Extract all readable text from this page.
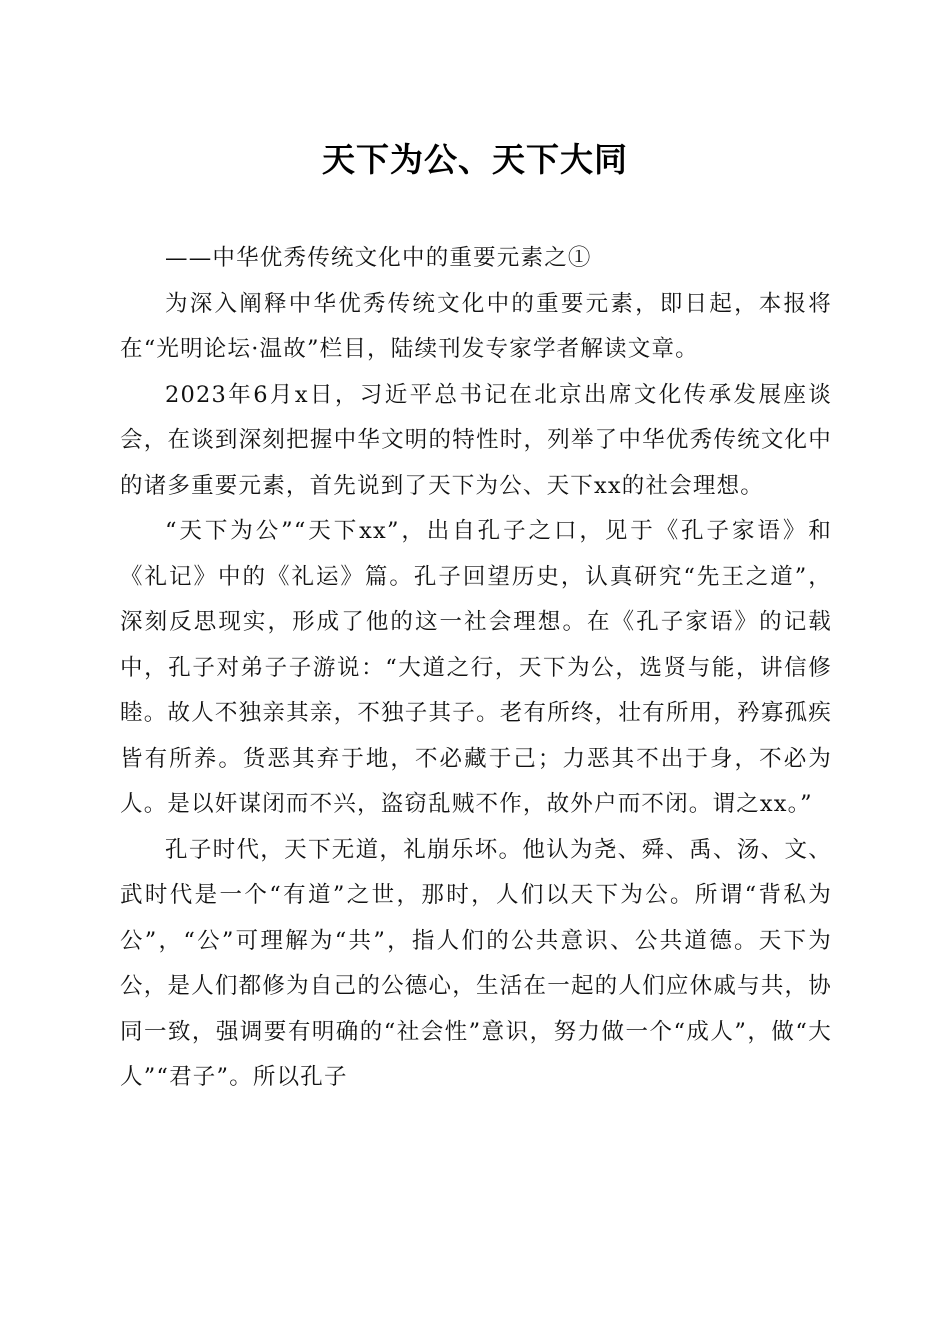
天下为公、天下大同

——中华优秀传统文化中的重要元素之①

为深入阐释中华优秀传统文化中的重要元素，即日起，本报将在“光明论坛·温故”栏目，陆续刊发专家学者解读文章。

2023年6月x日，习近平总书记在北京出席文化传承发展座谈会，在谈到深刻把握中华文明的特性时，列举了中华优秀传统文化中的诸多重要元素，首先说到了天下为公、天下xx的社会理想。

“天下为公”“天下xx”，出自孔子之口，见于《孔子家语》和《礼记》中的《礼运》篇。孔子回望历史，认真研究“先王之道”，深刻反思现实，形成了他的这一社会理想。在《孔子家语》的记载中，孔子对弟子子游说：“大道之行，天下为公，选贤与能，讲信修睦。故人不独亲其亲，不独子其子。老有所终，壮有所用，矜寡孤疾皆有所养。货恶其弃于地，不必藏于己；力恶其不出于身，不必为人。是以奸谋闭而不兴，盗窃乱贼不作，故外户而不闭。谓之xx。”

孔子时代，天下无道，礼崩乐坏。他认为尧、舜、禹、汤、文、武时代是一个“有道”之世，那时，人们以天下为公。所谓“背私为公”，“公”可理解为“共”，指人们的公共意识、公共道德。天下为公，是人们都修为自己的公德心，生活在一起的人们应休戚与共，协同一致，强调要有明确的“社会性”意识，努力做一个“成人”，做“大人”“君子”。所以孔子
